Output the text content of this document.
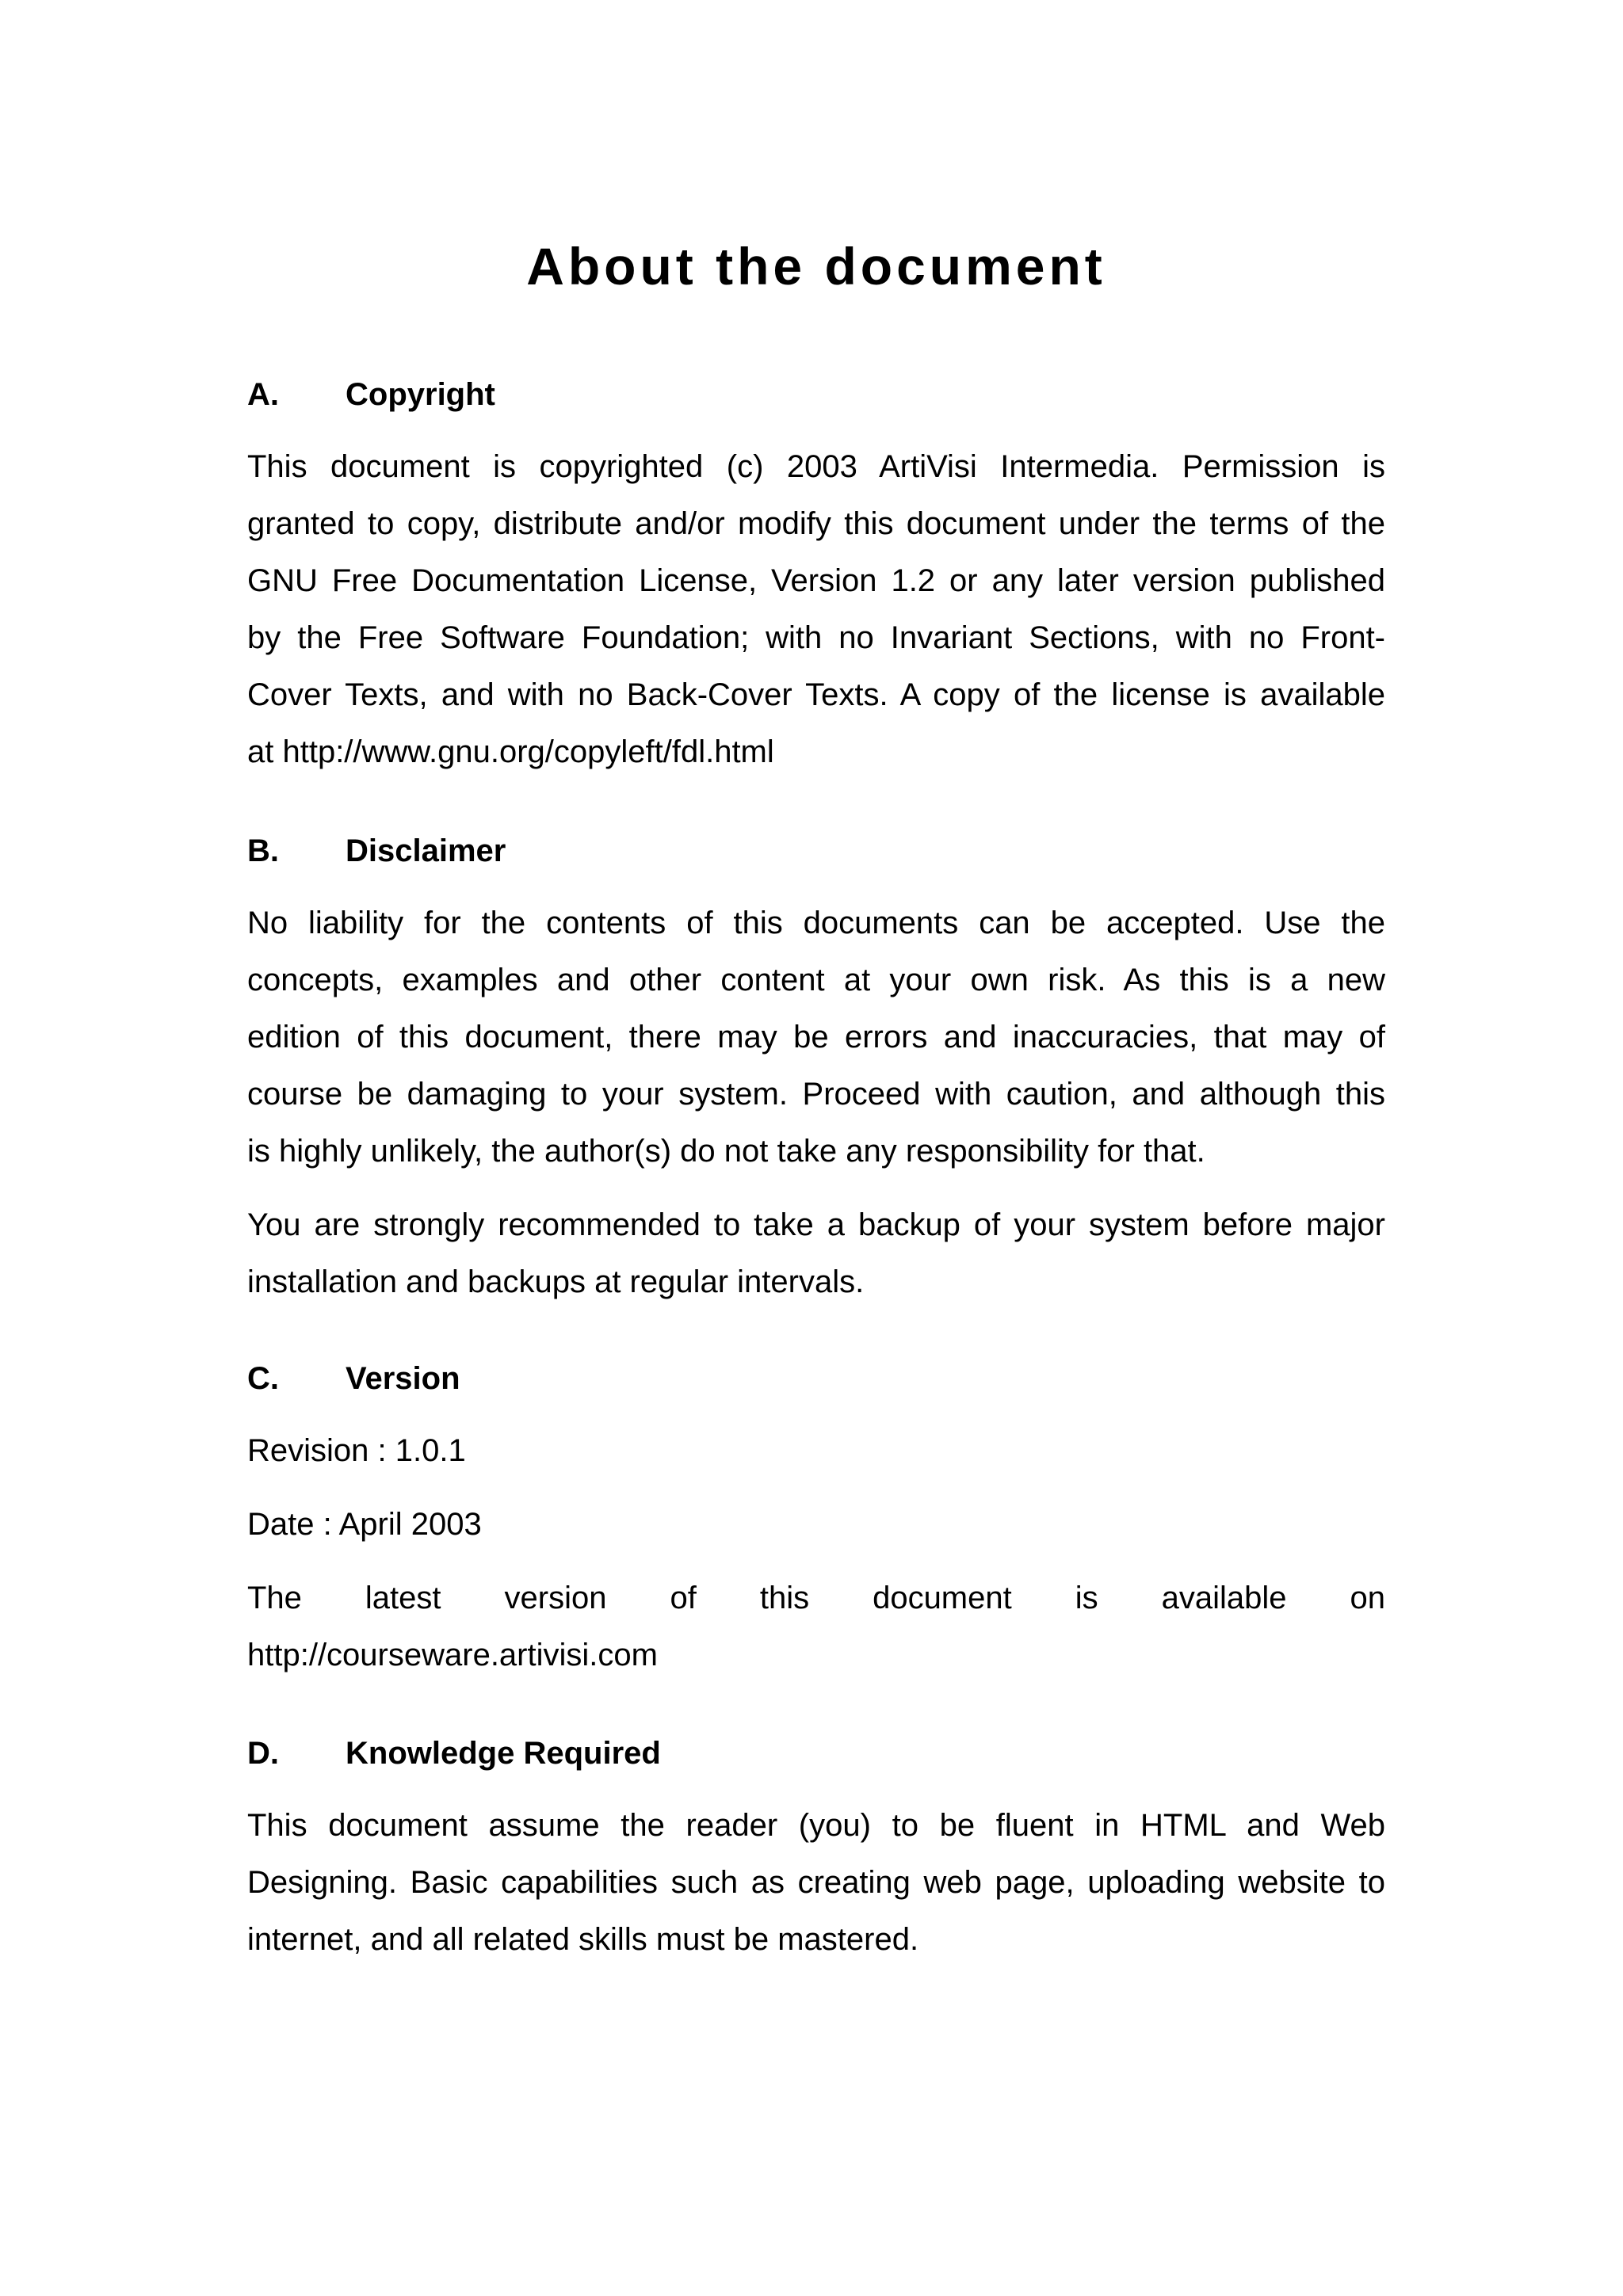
About the document
A. Copyright
This document is copyrighted (c) 2003 ArtiVisi Intermedia. Permission is
granted to copy, distribute and/or modify this document under the terms of the
GNU Free Documentation License, Version 1.2 or any later version published
by the Free Software Foundation; with no Invariant Sections, with no Front-
Cover Texts, and with no Back-Cover Texts. A copy of the license is available
at http://www.gnu.org/copyleft/fdl.html
B. Disclaimer
No liability for the contents of this documents can be accepted. Use the
concepts, examples and other content at your own risk. As this is a new
edition of this document, there may be errors and inaccuracies, that may of
course be damaging to your system. Proceed with caution, and although this
is highly unlikely, the author(s) do not take any responsibility for that.
You are strongly recommended to take a backup of your system before major
installation and backups at regular intervals.
C. Version
Revision : 1.0.1
Date : April 2003
The latest version of this document is available on
http://courseware.artivisi.com
D. Knowledge Required
This document assume the reader (you) to be fluent in HTML and Web
Designing. Basic capabilities such as creating web page, uploading website to
internet, and all related skills must be mastered.
